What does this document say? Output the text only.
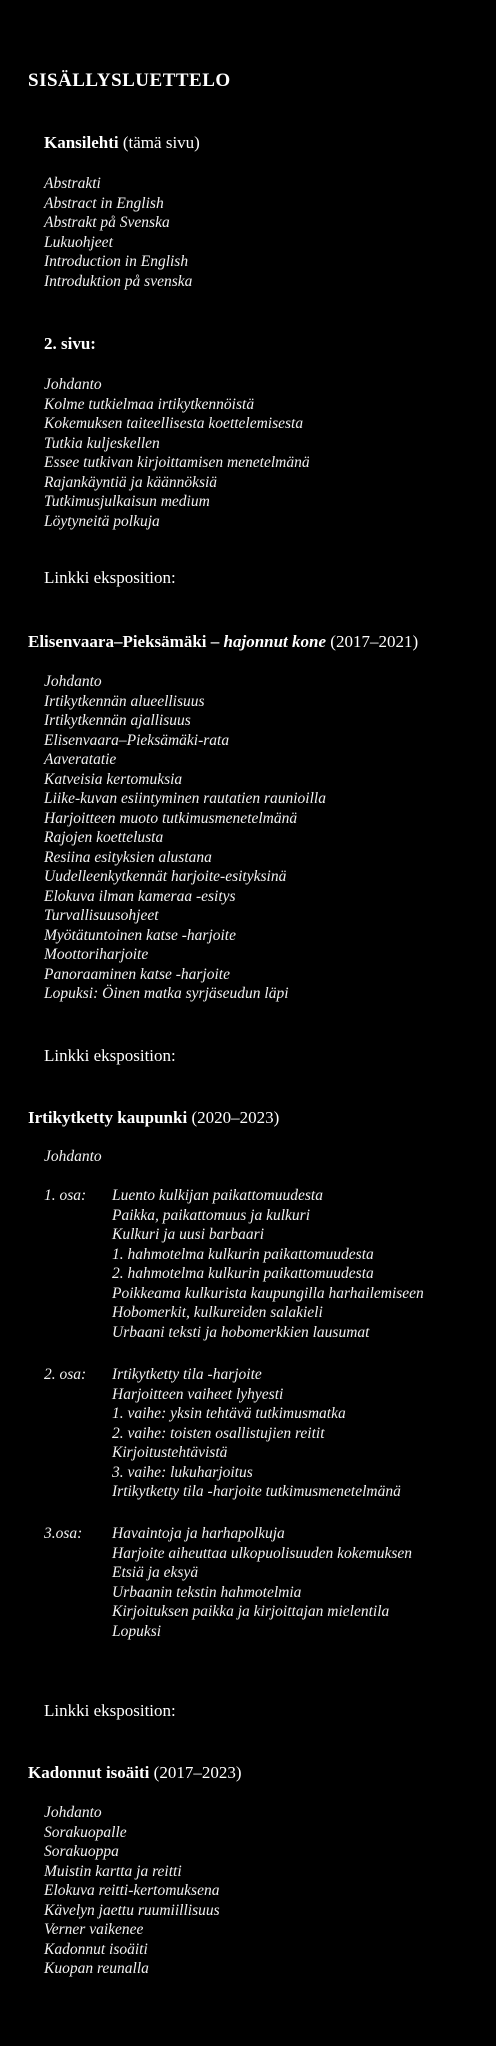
SISÄLLYSLUETTELO
Kansilehti (tämä sivu)
Abstrakti
Abstract in English
Abstrakt på Svenska
Lukuohjeet
Introduction in English
Introduktion på svenska
2. sivu:
Johdanto
Kolme tutkielmaa irtikytkennöistä
Kokemuksen taiteellisesta koettelemisesta
Tutkia kuljeskellen
Essee tutkivan kirjoittamisen menetelmänä
Rajankäyntiä ja käännöksiä
Tutkimusjulkaisun medium
Löytyneitä polkuja
Linkki eksposition:
Elisenvaara–Pieksämäki – hajonnut kone (2017–2021)
Johdanto
Irtikytkennän alueellisuus
Irtikytkennän ajallisuus
Elisenvaara–Pieksämäki-rata
Aaveratatie
Katveisia kertomuksia
Liike-kuvan esiintyminen rautatien raunioilla
Harjoitteen muoto tutkimusmenetelmänä
Rajojen koettelusta
Resiina esityksien alustana
Uudelleenkytkennät harjoite-esityksinä
Elokuva ilman kameraa -esitys
Turvallisuusohjeet
Myötätuntoinen katse -harjoite
Moottoriharjoite
Panoraaminen katse -harjoite
Lopuksi: Öinen matka syrjäseudun läpi
Linkki eksposition:
Irtikytketty kaupunki (2020–2023)
Johdanto
1. osa: Luento kulkijan paikattomuudesta
Paikka, paikattomuus ja kulkuri
Kulkuri ja uusi barbaari
1. hahmotelma kulkurin paikattomuudesta
2. hahmotelma kulkurin paikattomuudesta
Poikkeama kulkurista kaupungilla harhailemiseen
Hobomerkit, kulkureiden salakieli
Urbaani teksti ja hobomerkkien lausumat
2. osa: Irtikytketty tila -harjoite
Harjoitteen vaiheet lyhyesti
1. vaihe: yksin tehtävä tutkimusmatka
2. vaihe: toisten osallistujien reitit
Kirjoitustehtävistä
3. vaihe: lukuharjoitus
Irtikytketty tila -harjoite tutkimusmenetelmänä
3.osa: Havaintoja ja harhapolkuja
Harjoite aiheuttaa ulkopuolisuuden kokemuksen
Etsiä ja eksyä
Urbaanin tekstin hahmotelmia
Kirjoituksen paikka ja kirjoittajan mielentila
Lopuksi
Linkki eksposition:
Kadonnut isoäiti (2017–2023)
Johdanto
Sorakuopalle
Sorakuoppa
Muistin kartta ja reitti
Elokuva reitti-kertomuksena
Kävelyn jaettu ruumiillisuus
Verner vaikenee
Kadonnut isoäiti
Kuopan reunalla
